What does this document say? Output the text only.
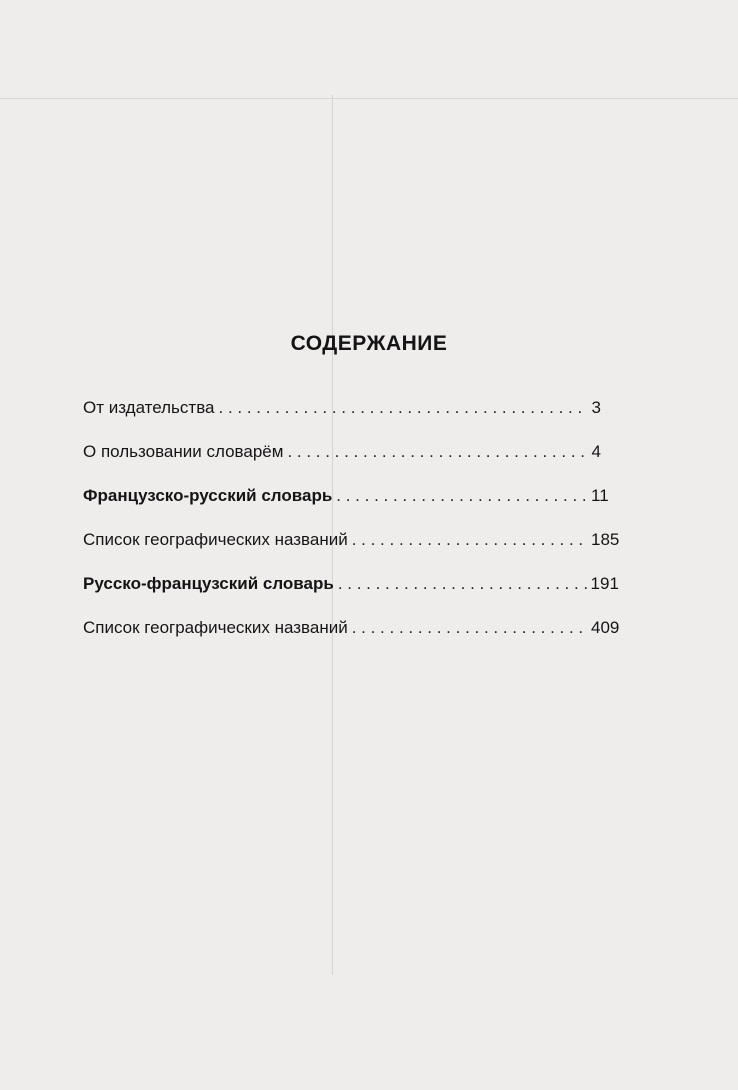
СОДЕРЖАНИЕ
От издательства . . .	3
О пользовании словарём . . .	4
Французско-русский словарь . . .	11
Список географических названий . . .	185
Русско-французский словарь . . .	191
Список географических названий . . .	409
